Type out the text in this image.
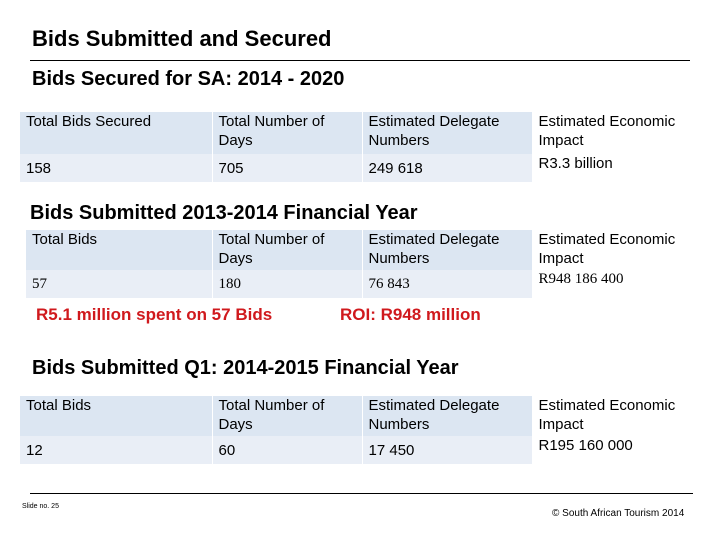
Bids Submitted and Secured
Bids Secured for SA: 2014 - 2020
Total Bids Secured	Total Number of Days	Estimated Delegate Numbers	Estimated Economic Impact
158	705	249 618	R3.3 billion
Bids Submitted 2013-2014 Financial Year
Total Bids	Total Number of Days	Estimated Delegate Numbers	Estimated Economic Impact
57	180	76 843	R948 186 400
R5.1 million spent on 57 Bids	ROI: R948 million
Bids Submitted Q1: 2014-2015 Financial Year
Total Bids	Total Number of Days	Estimated Delegate Numbers	Estimated Economic Impact
12	60	17 450	R195 160 000
Slide no. 25
© South African Tourism 2014
